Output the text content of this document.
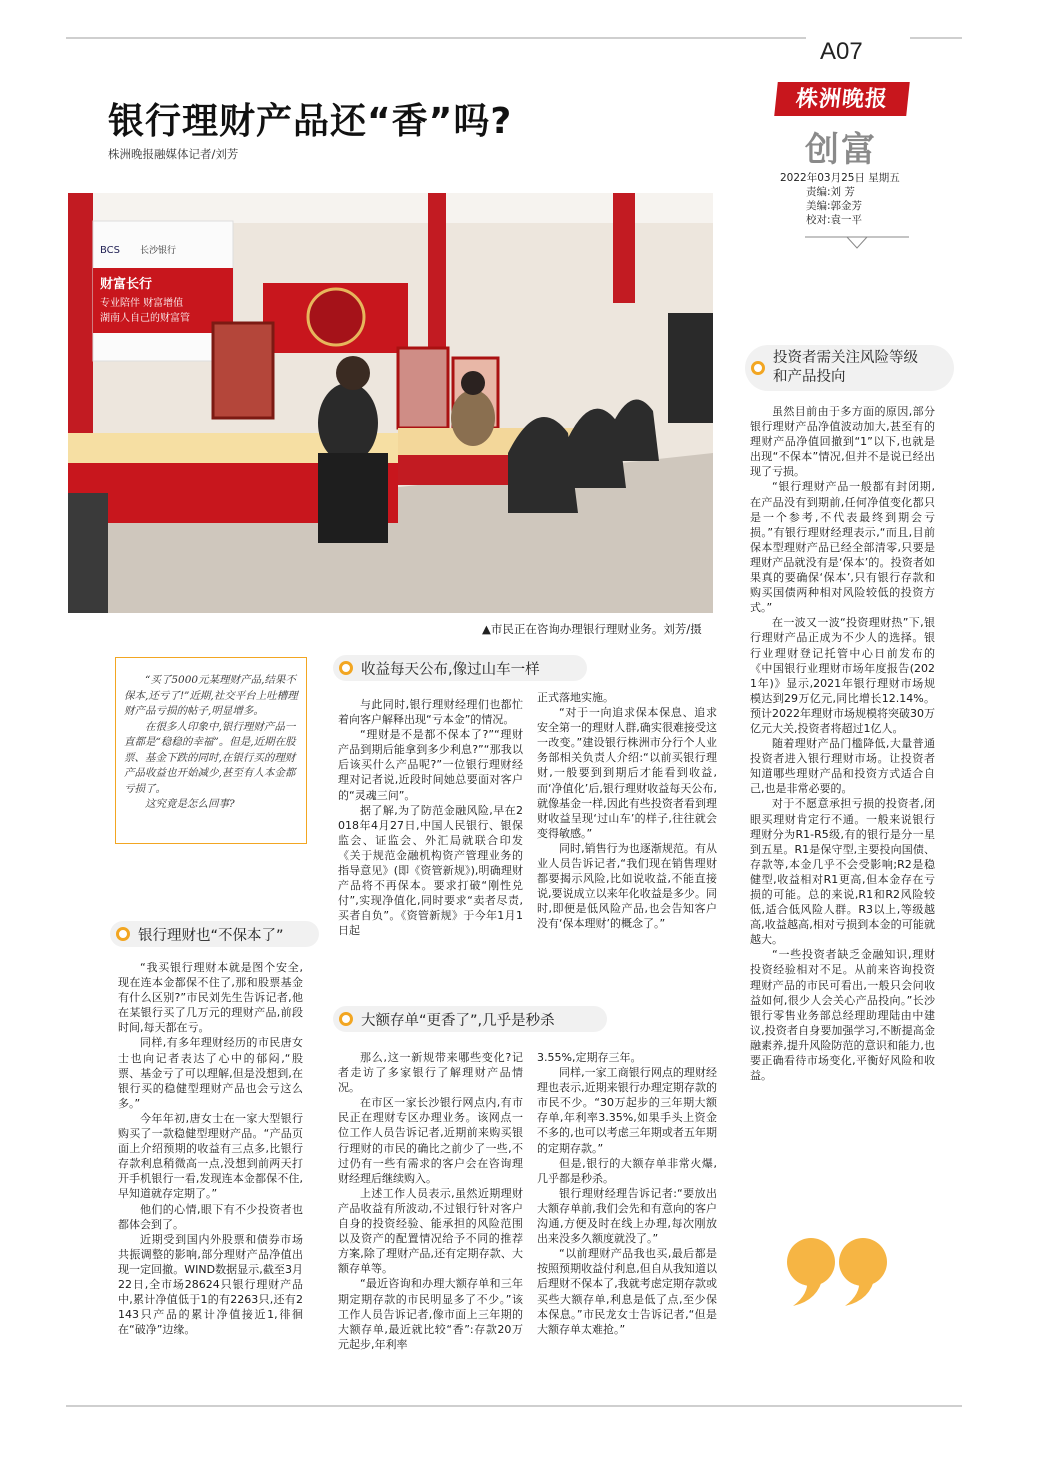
A07
株洲晚报
创富
2022年03月25日 星期五
责编:刘 芳
美编:郭金芳
校对:袁一平
银行理财产品还“香”吗?
株洲晚报融媒体记者/刘芳
BCS 长沙银行
财富长行
专业陪伴 财富增值
湖南人自己的财富管
▲市民正在咨询办理银行理财业务。刘芳/摄

“买了5000元某理财产品,结果不保本,还亏了!”近期,社交平台上吐槽理财产品亏损的帖子,明显增多。

在很多人印象中,银行理财产品一直都是“稳稳的幸福”。但是,近期在股票、基金下跌的同时,在银行买的理财产品收益也开始减少,甚至有人本金都亏损了。

这究竟是怎么回事?

银行理财也“不保本了”

“我买银行理财本就是图个安全,现在连本金都保不住了,那和股票基金有什么区别?”市民刘先生告诉记者,他在某银行买了几万元的理财产品,前段时间,每天都在亏。

同样,有多年理财经历的市民唐女士也向记者表达了心中的郁闷,“股票、基金亏了可以理解,但是没想到,在银行买的稳健型理财产品也会亏这么多。”

今年年初,唐女士在一家大型银行购买了一款稳健型理财产品。“产品页面上介绍预期的收益有三点多,比银行存款利息稍微高一点,没想到前两天打开手机银行一看,发现连本金都保不住,早知道就存定期了。”

他们的心情,眼下有不少投资者也都体会到了。

近期受到国内外股票和债券市场共振调整的影响,部分理财产品净值出现一定回撤。WIND数据显示,截至3月22日,全市场28624只银行理财产品中,累计净值低于1的有2263只,还有2143只产品的累计净值接近1,徘徊在“破净”边缘。

收益每天公布,像过山车一样

与此同时,银行理财经理们也都忙着向客户解释出现“亏本金”的情况。

“理财是不是都不保本了?”“理财产品到期后能拿到多少利息?”“那我以后该买什么产品呢?”一位银行理财经理对记者说,近段时间她总要面对客户的“灵魂三问”。

据了解,为了防范金融风险,早在2018年4月27日,中国人民银行、银保监会、证监会、外汇局就联合印发《关于规范金融机构资产管理业务的指导意见》(即《资管新规》),明确理财产品将不再保本。要求打破“刚性兑付”,实现净值化,同时要求“卖者尽责,买者自负”。《资管新规》于今年1月1日起

正式落地实施。

“对于一向追求保本保息、追求安全第一的理财人群,确实很难接受这一改变。”建设银行株洲市分行个人业务部相关负责人介绍:“以前买银行理财,一般要到到期后才能看到收益,而‘净值化’后,银行理财收益每天公布,就像基金一样,因此有些投资者看到理财收益呈现‘过山车’的样子,往往就会变得敏感。”

同时,销售行为也逐渐规范。有从业人员告诉记者,“我们现在销售理财都要揭示风险,比如说收益,不能直接说,要说成立以来年化收益是多少。同时,即便是低风险产品,也会告知客户没有‘保本理财’的概念了。”

大额存单“更香了”,几乎是秒杀

那么,这一新规带来哪些变化?记者走访了多家银行了解理财产品情况。

在市区一家长沙银行网点内,有市民正在理财专区办理业务。该网点一位工作人员告诉记者,近期前来购买银行理财的市民的确比之前少了一些,不过仍有一些有需求的客户会在咨询理财经理后继续购入。

上述工作人员表示,虽然近期理财产品收益有所波动,不过银行针对客户自身的投资经验、能承担的风险范围以及资产的配置情况给予不同的推荐方案,除了理财产品,还有定期存款、大额存单等。

“最近咨询和办理大额存单和三年期定期存款的市民明显多了不少。”该工作人员告诉记者,像市面上三年期的大额存单,最近就比较“香”:存款20万元起步,年利率

3.55%,定期存三年。

同样,一家工商银行网点的理财经理也表示,近期来银行办理定期存款的市民不少。“30万起步的三年期大额存单,年利率3.35%,如果手头上资金不多的,也可以考虑三年期或者五年期的定期存款。”

但是,银行的大额存单非常火爆,几乎都是秒杀。

银行理财经理告诉记者:“要放出大额存单前,我们会先和有意向的客户沟通,方便及时在线上办理,每次刚放出来没多久额度就没了。”

“以前理财产品我也买,最后都是按照预期收益付利息,但自从我知道以后理财不保本了,我就考虑定期存款或买些大额存单,利息是低了点,至少保本保息。”市民龙女士告诉记者,“但是大额存单太难抢。”

投资者需关注风险等级和产品投向

虽然目前由于多方面的原因,部分银行理财产品净值波动加大,甚至有的理财产品净值回撤到“1”以下,也就是出现“不保本”情况,但并不是说已经出现了亏损。

“银行理财产品一般都有封闭期,在产品没有到期前,任何净值变化都只是一个参考,不代表最终到期会亏损。”有银行理财经理表示,“而且,目前保本型理财产品已经全部清零,只要是理财产品就没有是‘保本’的。投资者如果真的要确保‘保本’,只有银行存款和购买国债两种相对风险较低的投资方式。”

在一波又一波“投资理财热”下,银行理财产品正成为不少人的选择。银行业理财登记托管中心日前发布的《中国银行业理财市场年度报告(2021年)》显示,2021年银行理财市场规模达到29万亿元,同比增长12.14%。预计2022年理财市场规模将突破30万亿元大关,投资者将超过1亿人。

随着理财产品门槛降低,大量普通投资者进入银行理财市场。让投资者知道哪些理财产品和投资方式适合自己,也是非常必要的。

对于不愿意承担亏损的投资者,闭眼买理财肯定行不通。一般来说银行理财分为R1-R5级,有的银行是分一星到五星。R1是保守型,主要投向国债、存款等,本金几乎不会受影响;R2是稳健型,收益相对R1更高,但本金存在亏损的可能。总的来说,R1和R2风险较低,适合低风险人群。R3以上,等级越高,收益越高,相对亏损到本金的可能就越大。

“一些投资者缺乏金融知识,理财投资经验相对不足。从前来咨询投资理财产品的市民可看出,一般只会问收益如何,很少人会关心产品投向。”长沙银行零售业务部总经理助理陆由中建议,投资者自身要加强学习,不断提高金融素养,提升风险防范的意识和能力,也要正确看待市场变化,平衡好风险和收益。
